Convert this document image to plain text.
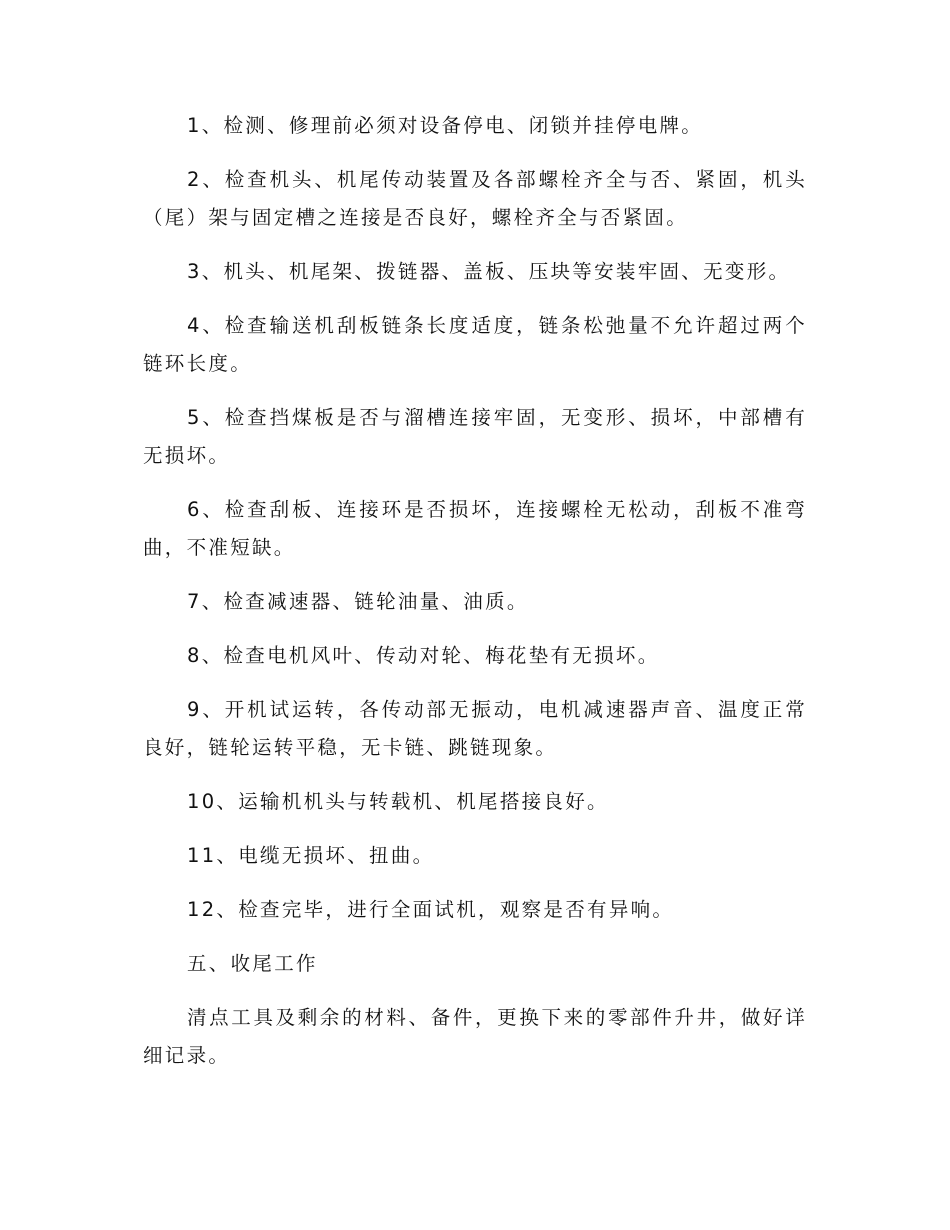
1、检测、修理前必须对设备停电、闭锁并挂停电牌。

2、检查机头、机尾传动装置及各部螺栓齐全与否、紧固，机头（尾）架与固定槽之连接是否良好，螺栓齐全与否紧固。

3、机头、机尾架、拨链器、盖板、压块等安装牢固、无变形。

4、检查输送机刮板链条长度适度，链条松弛量不允许超过两个链环长度。

5、检查挡煤板是否与溜槽连接牢固，无变形、损坏，中部槽有无损坏。

6、检查刮板、连接环是否损坏，连接螺栓无松动，刮板不准弯曲，不准短缺。

7、检查减速器、链轮油量、油质。

8、检查电机风叶、传动对轮、梅花垫有无损坏。

9、开机试运转，各传动部无振动，电机减速器声音、温度正常良好，链轮运转平稳，无卡链、跳链现象。

10、运输机机头与转载机、机尾搭接良好。

11、电缆无损坏、扭曲。

12、检查完毕，进行全面试机，观察是否有异响。

五、收尾工作

清点工具及剩余的材料、备件，更换下来的零部件升井，做好详细记录。
